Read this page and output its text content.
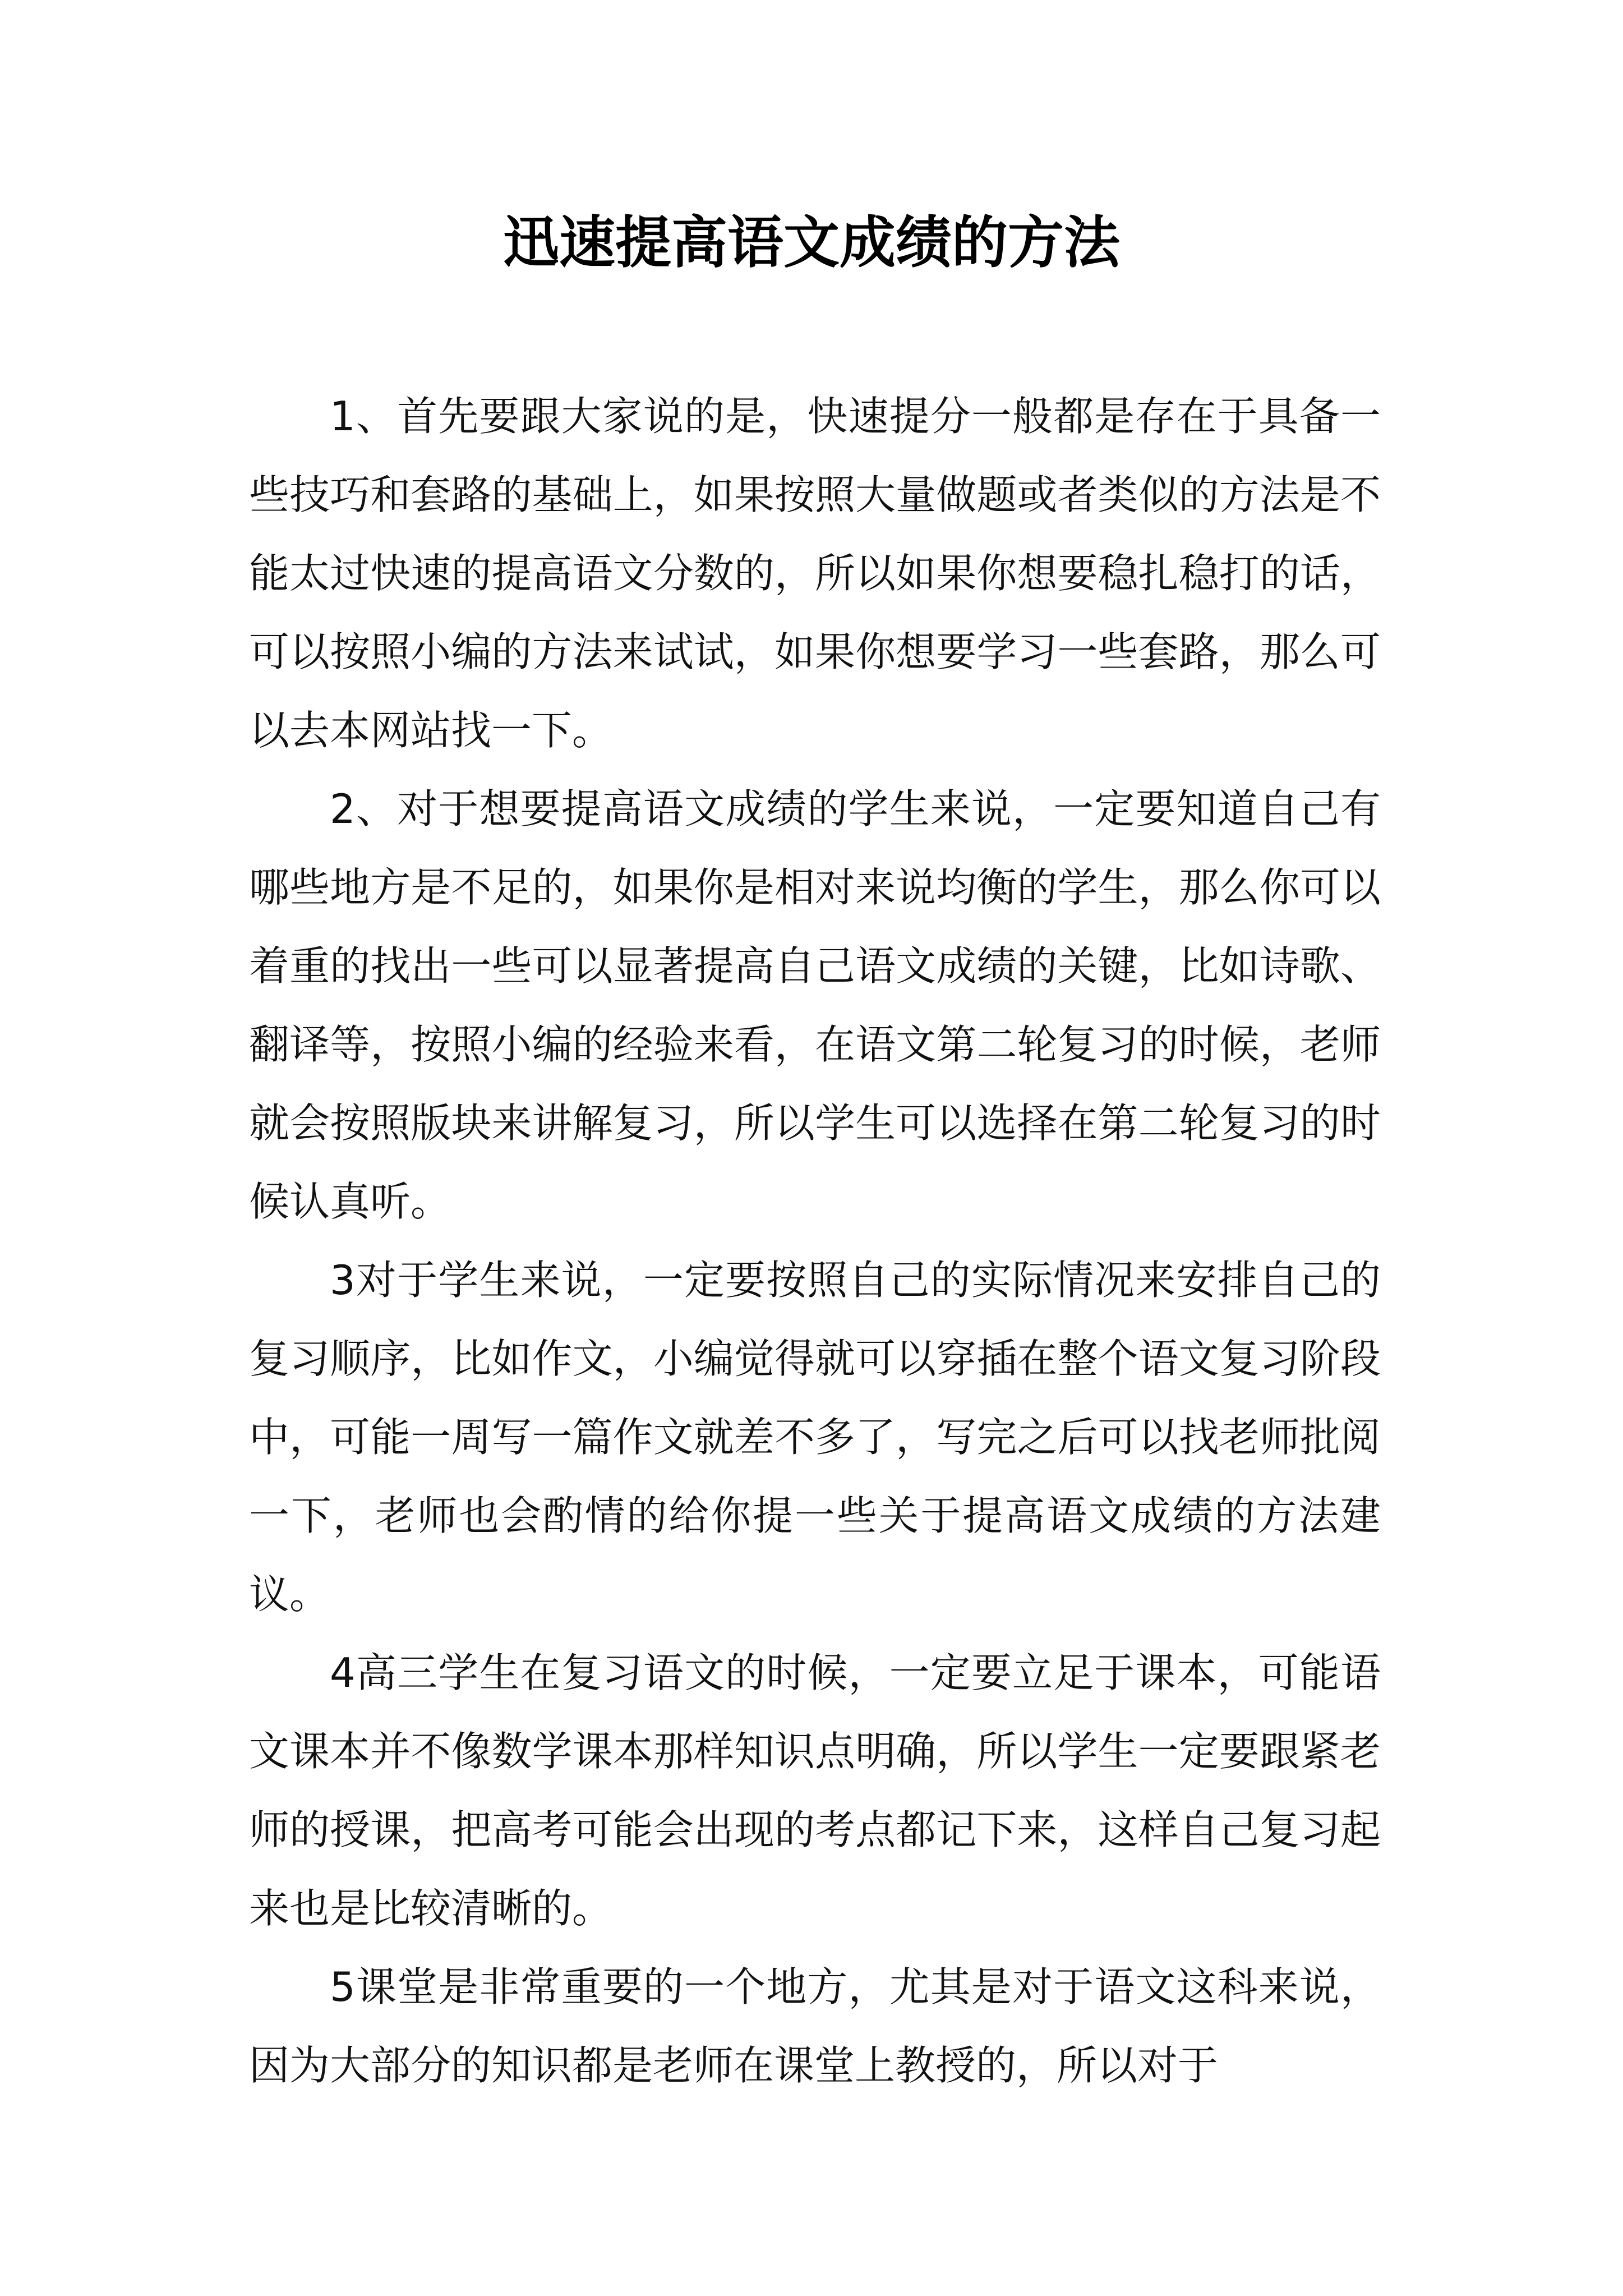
迅速提高语文成绩的方法

1、首先要跟大家说的是，快速提分一般都是存在于具备一些技巧和套路的基础上，如果按照大量做题或者类似的方法是不能太过快速的提高语文分数的，所以如果你想要稳扎稳打的话，可以按照小编的方法来试试，如果你想要学习一些套路，那么可以去本网站找一下。

2、对于想要提高语文成绩的学生来说，一定要知道自己有哪些地方是不足的，如果你是相对来说均衡的学生，那么你可以着重的找出一些可以显著提高自己语文成绩的关键，比如诗歌、翻译等，按照小编的经验来看，在语文第二轮复习的时候，老师就会按照版块来讲解复习，所以学生可以选择在第二轮复习的时候认真听。

3对于学生来说，一定要按照自己的实际情况来安排自己的复习顺序，比如作文，小编觉得就可以穿插在整个语文复习阶段中，可能一周写一篇作文就差不多了，写完之后可以找老师批阅一下，老师也会酌情的给你提一些关于提高语文成绩的方法建议。

4高三学生在复习语文的时候，一定要立足于课本，可能语文课本并不像数学课本那样知识点明确，所以学生一定要跟紧老师的授课，把高考可能会出现的考点都记下来，这样自己复习起来也是比较清晰的。

5课堂是非常重要的一个地方，尤其是对于语文这科来说，因为大部分的知识都是老师在课堂上教授的，所以对于
